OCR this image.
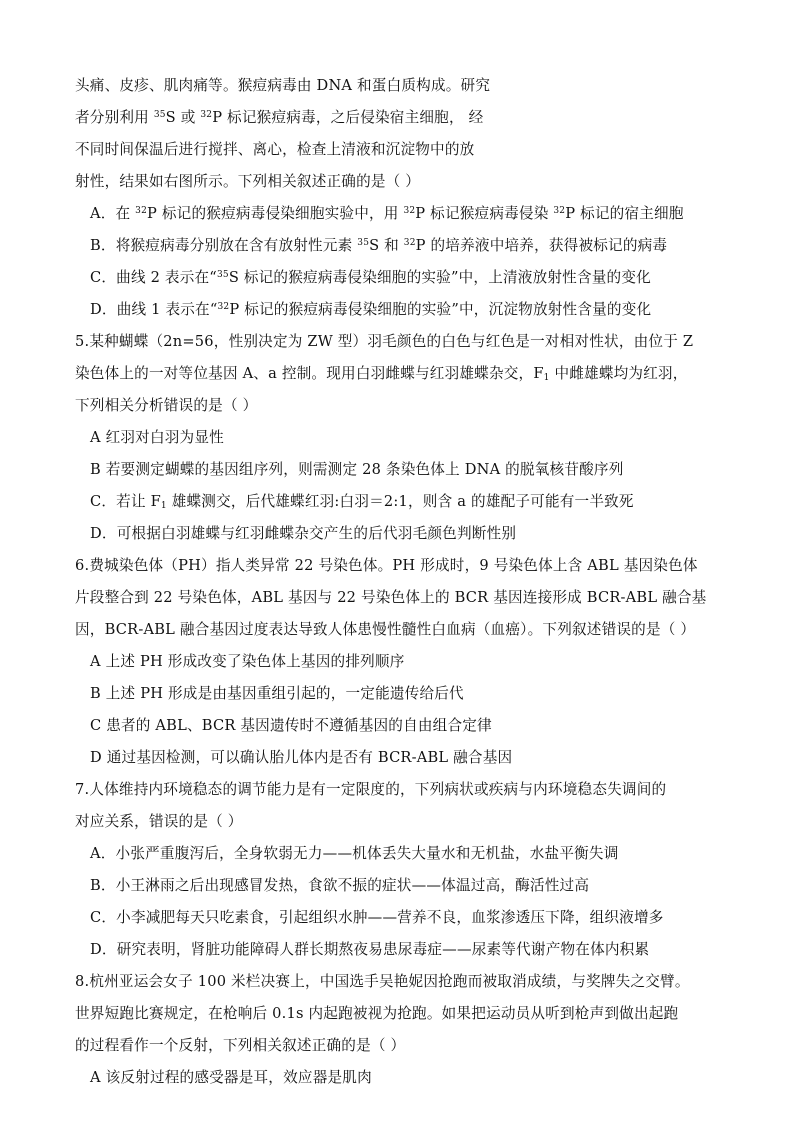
头痛、皮疹、肌肉痛等。猴痘病毒由 DNA 和蛋白质构成。研究
者分别利用 $^{35}$S 或 $^{32}$P 标记猴痘病毒，之后侵染宿主细胞， 经
不同时间保温后进行搅拌、离心，检查上清液和沉淀物中的放
射性，结果如右图所示。下列相关叙述正确的是（ ）
A．在 $^{32}$P 标记的猴痘病毒侵染细胞实验中，用 $^{32}$P 标记猴痘病毒侵染 $^{32}$P 标记的宿主细胞
B．将猴痘病毒分别放在含有放射性元素 $^{35}$S 和 $^{32}$P 的培养液中培养，获得被标记的病毒
C．曲线 2 表示在“$^{35}$S 标记的猴痘病毒侵染细胞的实验”中，上清液放射性含量的变化
D．曲线 1 表示在“$^{32}$P 标记的猴痘病毒侵染细胞的实验”中，沉淀物放射性含量的变化
5.某种蝴蝶（2n=56，性别决定为 ZW 型）羽毛颜色的白色与红色是一对相对性状，由位于 Z
染色体上的一对等位基因 A、a 控制。现用白羽雌蝶与红羽雄蝶杂交，$F_1$ 中雌雄蝶均为红羽，
下列相关分析错误的是（ ）
A 红羽对白羽为显性
B 若要测定蝴蝶的基因组序列，则需测定 28 条染色体上 DNA 的脱氧核苷酸序列
C．若让 $F_1$ 雄蝶测交，后代雄蝶红羽:白羽＝2:1，则含 a 的雄配子可能有一半致死
D．可根据白羽雄蝶与红羽雌蝶杂交产生的后代羽毛颜色判断性别
6.费城染色体（PH）指人类异常 22 号染色体。PH 形成时，9 号染色体上含 ABL 基因染色体
片段整合到 22 号染色体，ABL 基因与 22 号染色体上的 BCR 基因连接形成 BCR-ABL 融合基
因，BCR-ABL 融合基因过度表达导致人体患慢性髓性白血病（血癌）。下列叙述错误的是（ ）
A 上述 PH 形成改变了染色体上基因的排列顺序
B 上述 PH 形成是由基因重组引起的，一定能遗传给后代
C 患者的 ABL、BCR 基因遗传时不遵循基因的自由组合定律
D 通过基因检测，可以确认胎儿体内是否有 BCR-ABL 融合基因
7.人体维持内环境稳态的调节能力是有一定限度的，下列病状或疾病与内环境稳态失调间的
对应关系，错误的是（ ）
A．小张严重腹泻后，全身软弱无力——机体丢失大量水和无机盐，水盐平衡失调
B．小王淋雨之后出现感冒发热，食欲不振的症状——体温过高，酶活性过高
C．小李减肥每天只吃素食，引起组织水肿——营养不良，血浆渗透压下降，组织液增多
D．研究表明，肾脏功能障碍人群长期熬夜易患尿毒症——尿素等代谢产物在体内积累
8.杭州亚运会女子 100 米栏决赛上，中国选手吴艳妮因抢跑而被取消成绩，与奖牌失之交臂。
世界短跑比赛规定，在枪响后 0.1s 内起跑被视为抢跑。如果把运动员从听到枪声到做出起跑
的过程看作一个反射，下列相关叙述正确的是（ ）
A 该反射过程的感受器是耳，效应器是肌肉
